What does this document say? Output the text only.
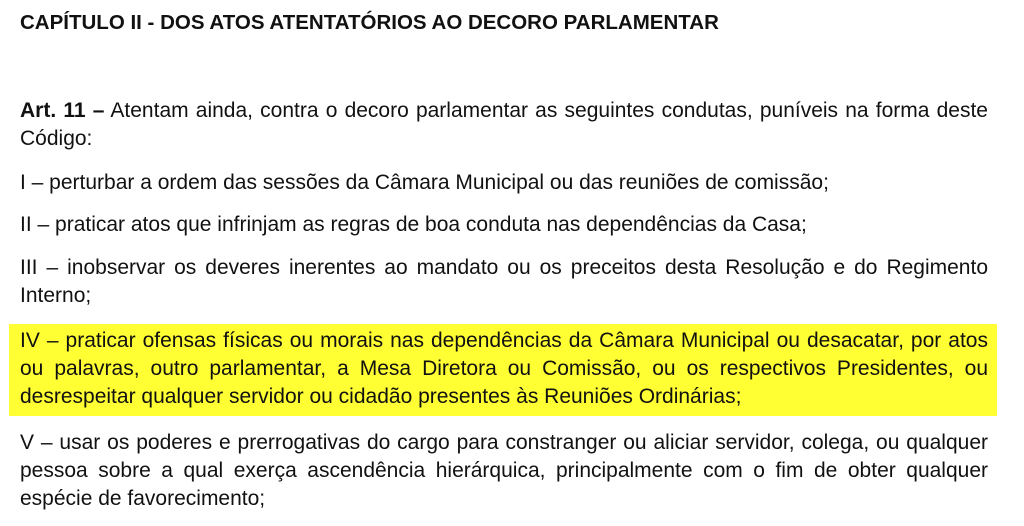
CAPÍTULO II - DOS ATOS ATENTATÓRIOS AO DECORO PARLAMENTAR

Art. 11 – Atentam ainda, contra o decoro parlamentar as seguintes condutas, puníveis na forma deste Código:

I – perturbar a ordem das sessões da Câmara Municipal ou das reuniões de comissão;

II – praticar atos que infrinjam as regras de boa conduta nas dependências da Casa;

III – inobservar os deveres inerentes ao mandato ou os preceitos desta Resolução e do Regimento Interno;

IV – praticar ofensas físicas ou morais nas dependências da Câmara Municipal ou desacatar, por atos ou palavras, outro parlamentar, a Mesa Diretora ou Comissão, ou os respectivos Presidentes, ou desrespeitar qualquer servidor ou cidadão presentes às Reuniões Ordinárias;

V – usar os poderes e prerrogativas do cargo para constranger ou aliciar servidor, colega, ou qualquer pessoa sobre a qual exerça ascendência hierárquica, principalmente com o fim de obter qualquer espécie de favorecimento;
